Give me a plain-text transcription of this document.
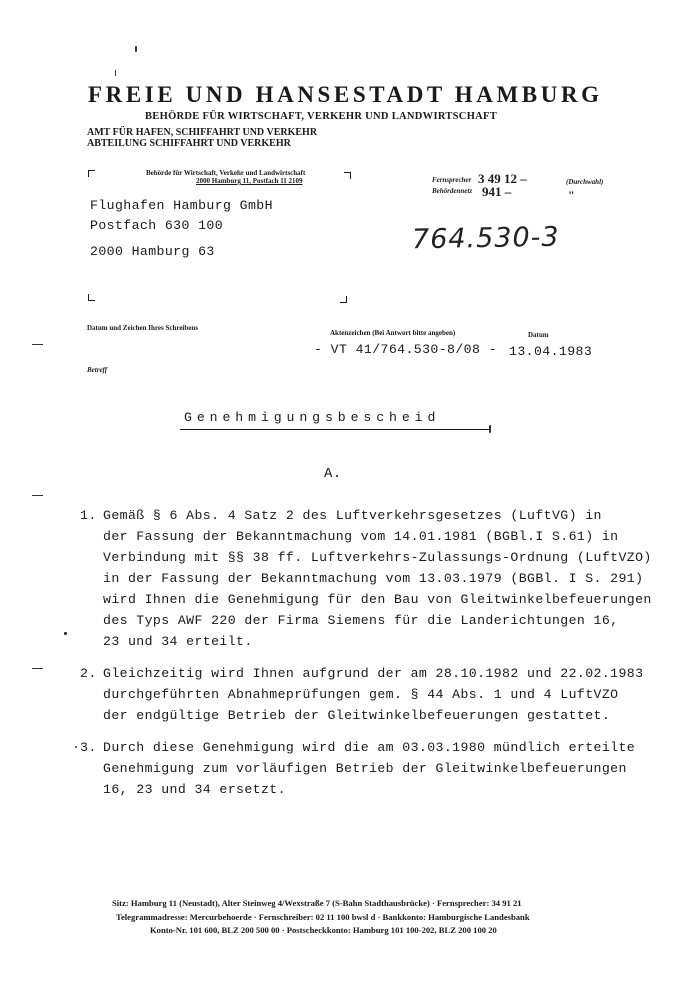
FREIE UND HANSESTADT HAMBURG
BEHÖRDE FÜR WIRTSCHAFT, VERKEHR UND LANDWIRTSCHAFT
AMT FÜR HAFEN, SCHIFFAHRT UND VERKEHR
ABTEILUNG SCHIFFAHRT UND VERKEHR
Behörde für Wirtschaft, Verkehr und Landwirtschaft
2000 Hamburg 11, Postfach 11 2109	Fernsprecher 3 49 12 –	(Durchwahl)
Behördennetz 941 –	"
Flughafen Hamburg GmbH
Postfach 630 100
2000 Hamburg 63	764.530-3
Datum und Zeichen Ihres Schreibens
Aktenzeichen (Bei Antwort bitte angeben)	Datum
- VT 41/764.530-8/08 - 13.04.1983
Betreff
Genehmigungsbescheid
A.
1. Gemäß § 6 Abs. 4 Satz 2 des Luftverkehrsgesetzes (LuftVG) in
der Fassung der Bekanntmachung vom 14.01.1981 (BGBl.I S.61) in
Verbindung mit §§ 38 ff. Luftverkehrs-Zulassungs-Ordnung (LuftVZO)
in der Fassung der Bekanntmachung vom 13.03.1979 (BGBl. I S. 291)
wird Ihnen die Genehmigung für den Bau von Gleitwinkelbefeuerungen
des Typs AWF 220 der Firma Siemens für die Landerichtungen 16,
23 und 34 erteilt.
2. Gleichzeitig wird Ihnen aufgrund der am 28.10.1982 und 22.02.1983
durchgeführten Abnahmeprüfungen gem. § 44 Abs. 1 und 4 LuftVZO
der endgültige Betrieb der Gleitwinkelbefeuerungen gestattet.
3. Durch diese Genehmigung wird die am 03.03.1980 mündlich erteilte
Genehmigung zum vorläufigen Betrieb der Gleitwinkelbefeuerungen
16, 23 und 34 ersetzt.
Sitz: Hamburg 11 (Neustadt), Alter Steinweg 4/Wexstraße 7 (S-Bahn Stadthausbrücke) · Fernsprecher: 34 91 21
Telegrammadresse: Mercurbehoerde · Fernschreiber: 02 11 100 bwsl d · Bankkonto: Hamburgische Landesbank
Konto-Nr. 101 600, BLZ 200 500 00 · Postscheckkonto: Hamburg 101 100-202, BLZ 200 100 20
